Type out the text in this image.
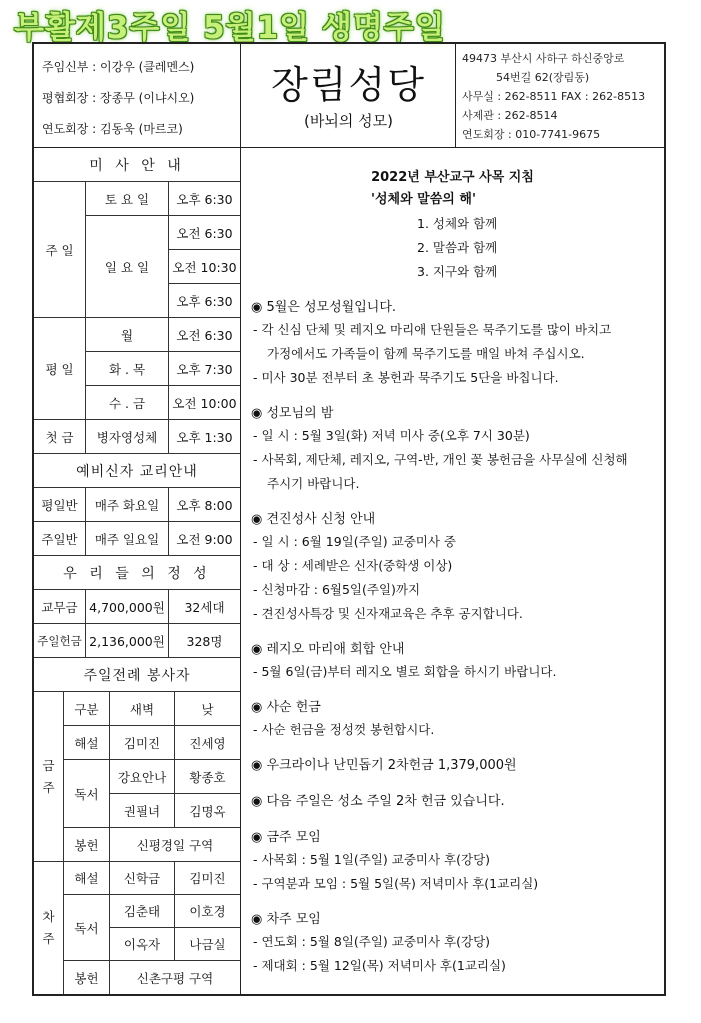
부활제3주일 5월1일 생명주일
주임신부 : 이강우 (클레멘스)
평협회장 : 장종무 (이냐시오)
연도회장 : 김동욱 (마르코)
장림성당
(바뇌의 성모)
49473 부산시 사하구 하신중앙로
54번길 62(장림동)
사무실 : 262-8511 FAX : 262-8513
사제관 : 262-8514
연도회장 : 010-7741-9675
미 사 안 내
주 일
토 요 일	오후 6:30
일 요 일
오전 6:30
오전 10:30
오후 6:30
평 일
월	오전 6:30
화 . 목	오후 7:30
수 . 금	오전 10:00
첫 금	병자영성체	오후 1:30
예비신자 교리안내
평일반	매주 화요일	오후 8:00
주일반	매주 일요일	오전 9:00
우 리 들 의 정 성
교무금 4,700,000원	32세대
주일헌금 2,136,000원	328명
주일전례 봉사자
금
주
구분	새벽	낮
해설	김미진	진세영
독서
강요안나	황종호
권필녀	김명옥
봉헌	신평경일 구역
차
주
해설	신학금	김미진
독서
김춘태	이호경
이옥자	나금실
봉헌	신촌구평 구역
2022년 부산교구 사목 지침
'성체와 말씀의 해'
1. 성체와 함께
2. 말씀과 함께
3. 지구와 함께
◉ 5월은 성모성월입니다.
- 각 신심 단체 및 레지오 마리애 단원들은 묵주기도를 많이 바치고
가정에서도 가족들이 함께 묵주기도를 매일 바쳐 주십시오.
- 미사 30분 전부터 초 봉헌과 묵주기도 5단을 바칩니다.
◉ 성모님의 밤
- 일 시 : 5월 3일(화) 저녁 미사 중(오후 7시 30분)
- 사목회, 제단체, 레지오, 구역-반, 개인 꽃 봉헌금을 사무실에 신청해
주시기 바랍니다.
◉ 견진성사 신청 안내
- 일 시 : 6월 19일(주일) 교중미사 중
- 대 상 : 세례받은 신자(중학생 이상)
- 신청마감 : 6월5일(주일)까지
- 견진성사특강 및 신자재교육은 추후 공지합니다.
◉ 레지오 마리애 회합 안내
- 5월 6일(금)부터 레지오 별로 회합을 하시기 바랍니다.
◉ 사순 헌금
- 사순 헌금을 정성껏 봉헌합시다.
◉ 우크라이나 난민돕기 2차헌금 1,379,000원
◉ 다음 주일은 성소 주일 2차 헌금 있습니다.
◉ 금주 모임
- 사목회 : 5월 1일(주일) 교중미사 후(강당)
- 구역분과 모임 : 5월 5일(목) 저녁미사 후(1교리실)
◉ 차주 모임
- 연도회 : 5월 8일(주일) 교중미사 후(강당)
- 제대회 : 5월 12일(목) 저녁미사 후(1교리실)
